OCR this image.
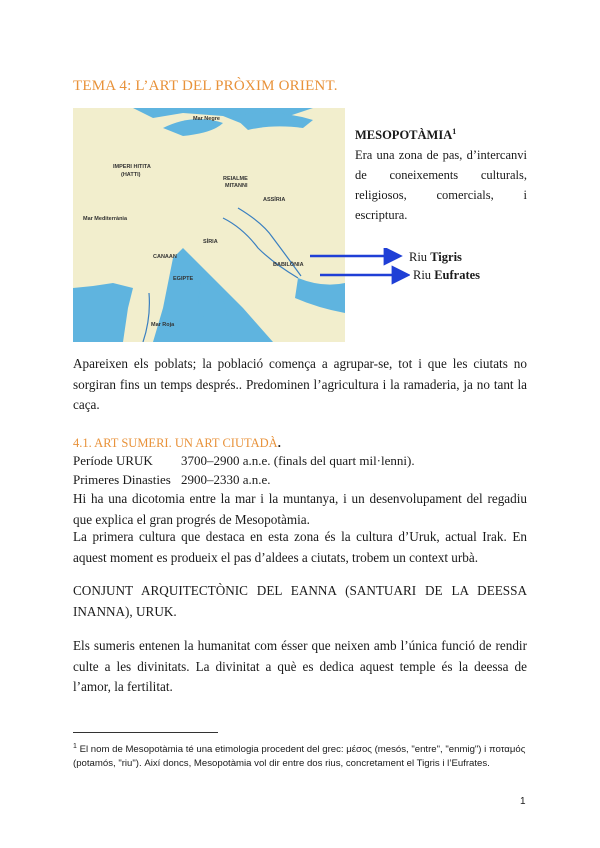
TEMA 4: L’ART DEL PRÒXIM ORIENT.
Mar Negre
IMPERI HITITA
(HATTI)
REIALME
MITANNI
ASSÍRIA
Mar Mediterrània
SÍRIA
BABILÒNIA
CANAAN
EGIPTE
Mar Roja
MESOPOTÀMIA$^1$
Era una zona de pas, d’intercanvi de coneixements culturals, religiosos, comercials, i escriptura.
Riu Tigris
Riu Eufrates
Apareixen els poblats; la població comença a agrupar-se, tot i que les ciutats no sorgiran fins un temps després.. Predominen l’agricultura i la ramaderia, ja no tant la caça.
4.1. ART SUMERI. UN ART CIUTADÀ.
Període URUK 3700–2900 a.n.e. (finals del quart mil·lenni).
Primeres Dinasties 2900–2330 a.n.e.
Hi ha una dicotomia entre la mar i la muntanya, i un desenvolupament del regadiu que explica el gran progrés de Mesopotàmia.
La primera cultura que destaca en esta zona és la cultura d’Uruk, actual Irak. En aquest moment es produeix el pas d’aldees a ciutats, trobem un context urbà.
CONJUNT ARQUITECTÒNIC DEL EANNA (SANTUARI DE LA DEESSA INANNA), URUK.
Els sumeris entenen la humanitat com ésser que neixen amb l’única funció de rendir culte a les divinitats. La divinitat a què es dedica aquest temple és la deessa de l’amor, la fertilitat.
$^1$ El nom de Mesopotàmia té una etimologia procedent del grec: μέσος (mesós, "entre", "enmig") i ποταμός (potamós, "riu"). Així doncs, Mesopotàmia vol dir entre dos rius, concretament el Tigris i l’Eufrates.
1
